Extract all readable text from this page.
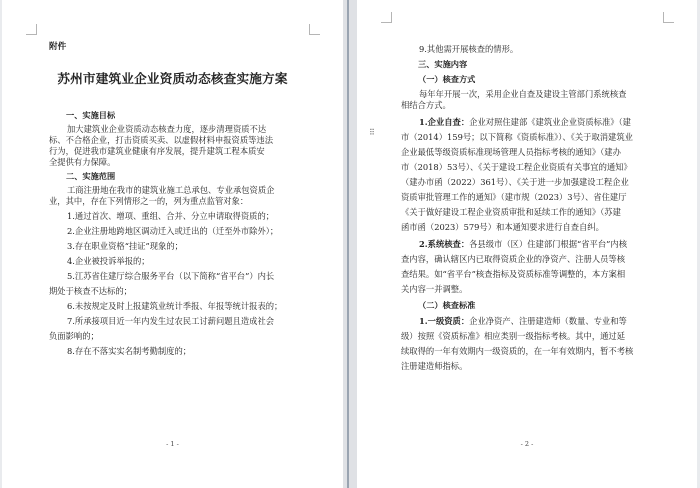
附件
苏州市建筑业企业资质动态核查实施方案
一、实施目标
加大建筑业企业资质动态核查力度，逐步清理资质不达
标、不合格企业，打击资质买卖、以虚假材料申报资质等违法
行为，促进我市建筑业健康有序发展，提升建筑工程本质安
全提供有力保障。
二、实施范围
工商注册地在我市的建筑业施工总承包、专业承包资质企
业，其中，存在下列情形之一的，列为重点监管对象：
1.通过首次、增项、重组、合并、分立申请取得资质的；
2.企业注册地跨地区调动迁入或迁出的（迁至外市除外）；
3.存在职业资格“挂证”现象的；
4.企业被投诉举报的；
5.江苏省住建厅综合服务平台（以下简称“省平台”）内长
期处于核查不达标的；
6.未按规定及时上报建筑业统计季报、年报等统计报表的；
7.所承接项目近一年内发生过农民工讨薪问题且造成社会
负面影响的；
8.存在不落实实名制考勤制度的；
- 1 -
9.其他需开展核查的情形。
三、实施内容
（一）核查方式
每年年开展一次，采用企业自查及建设主管部门系统核查
相结合方式。
1.企业自查：企业对照住建部《建筑业企业资质标准》（建
市（2014）159号；以下简称《资质标准》）、《关于取消建筑业
企业最低等级资质标准现场管理人员指标考核的通知》（建办
市（2018）53号）、《关于建设工程企业资质有关事宜的通知》
（建办市函（2022）361号）、《关于进一步加强建设工程企业
资质审批管理工作的通知》（建市规（2023）3号）、省住建厅
《关于做好建设工程企业资质审批和延续工作的通知》（苏建
函市函（2023）579号）和本通知要求进行自查自纠。
2.系统核查：各县级市（区）住建部门根据“省平台”内核
查内容，确认辖区内已取得资质企业的净资产、注册人员等核
查结果。如“省平台”核查指标及资质标准等调整的，本方案相
关内容一并调整。
（二）核查标准
1.一级资质：企业净资产、注册建造师（数量、专业和等
级）按照《资质标准》相应类别一级指标考核。其中，通过延
续取得的一年有效期内一级资质的，在一年有效期内，暂不考核
注册建造师指标。
- 2 -
⠿
